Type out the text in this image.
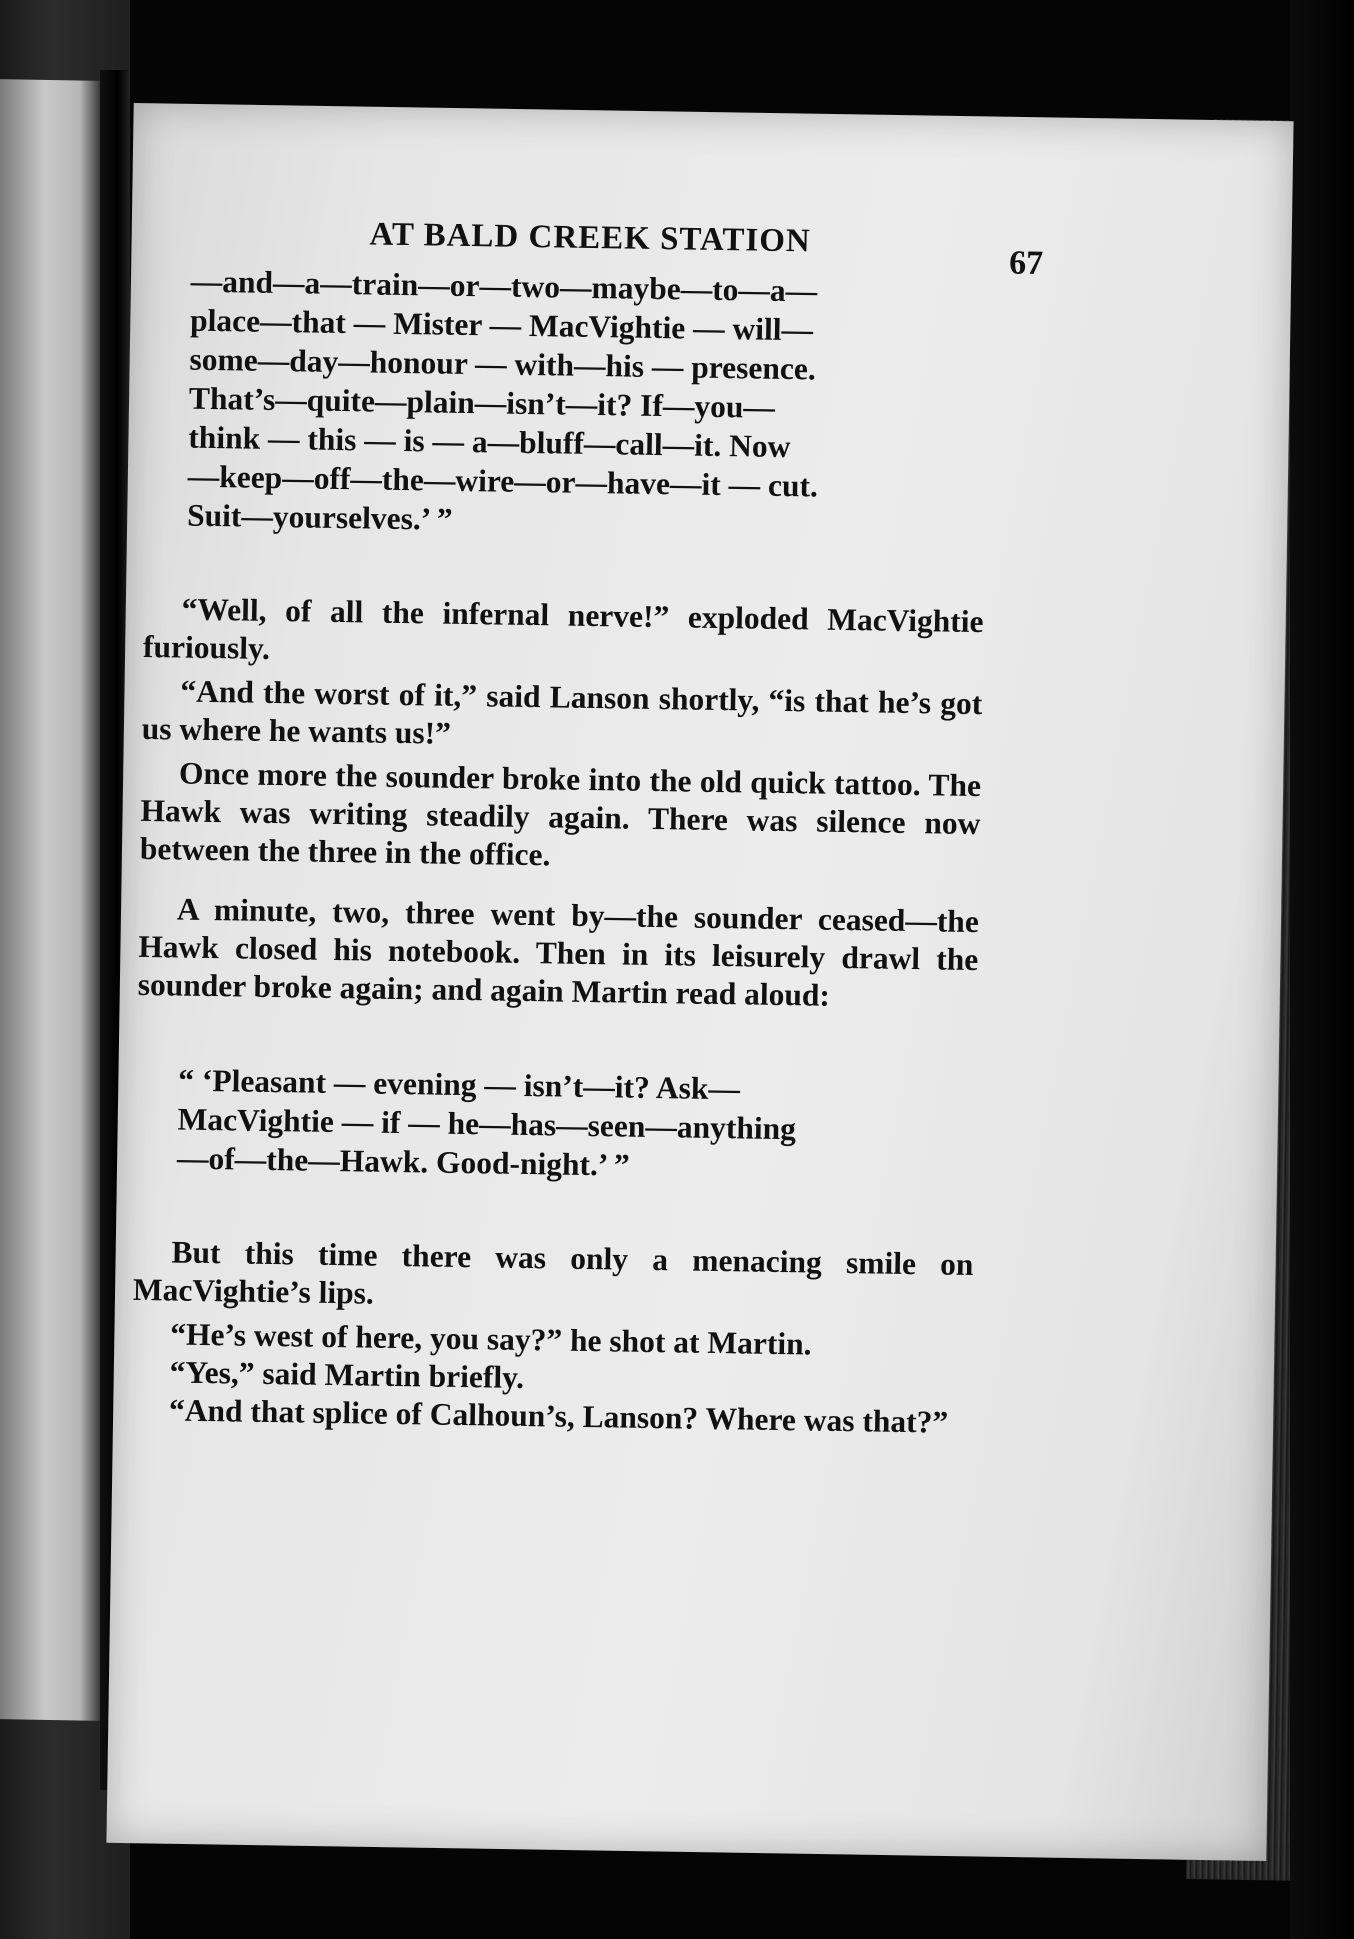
AT BALD CREEK STATION
67
—and—a—train—or—two—maybe—to—a—
place—that — Mister — MacVightie — will—
some—day—honour — with—his — presence.
That’s—quite—plain—isn’t—it? If—you—
think — this — is — a—bluff—call—it. Now
—keep—off—the—wire—or—have—it — cut.
Suit—yourselves.’ ”

“Well, of all the infernal nerve!” exploded MacVightie furiously.

“And the worst of it,” said Lanson shortly, “is that he’s got us where he wants us!”

Once more the sounder broke into the old quick tattoo. The Hawk was writing steadily again. There was silence now between the three in the office.

A minute, two, three went by—the sounder ceased—the Hawk closed his notebook. Then in its leisurely drawl the sounder broke again; and again Martin read aloud:

“ ‘Pleasant — evening — isn’t—it? Ask—
MacVightie — if — he—has—seen—anything
—of—the—Hawk. Good-night.’ ”

But this time there was only a menacing smile on MacVightie’s lips.

“He’s west of here, you say?” he shot at Martin.

“Yes,” said Martin briefly.

“And that splice of Calhoun’s, Lanson? Where was that?”
